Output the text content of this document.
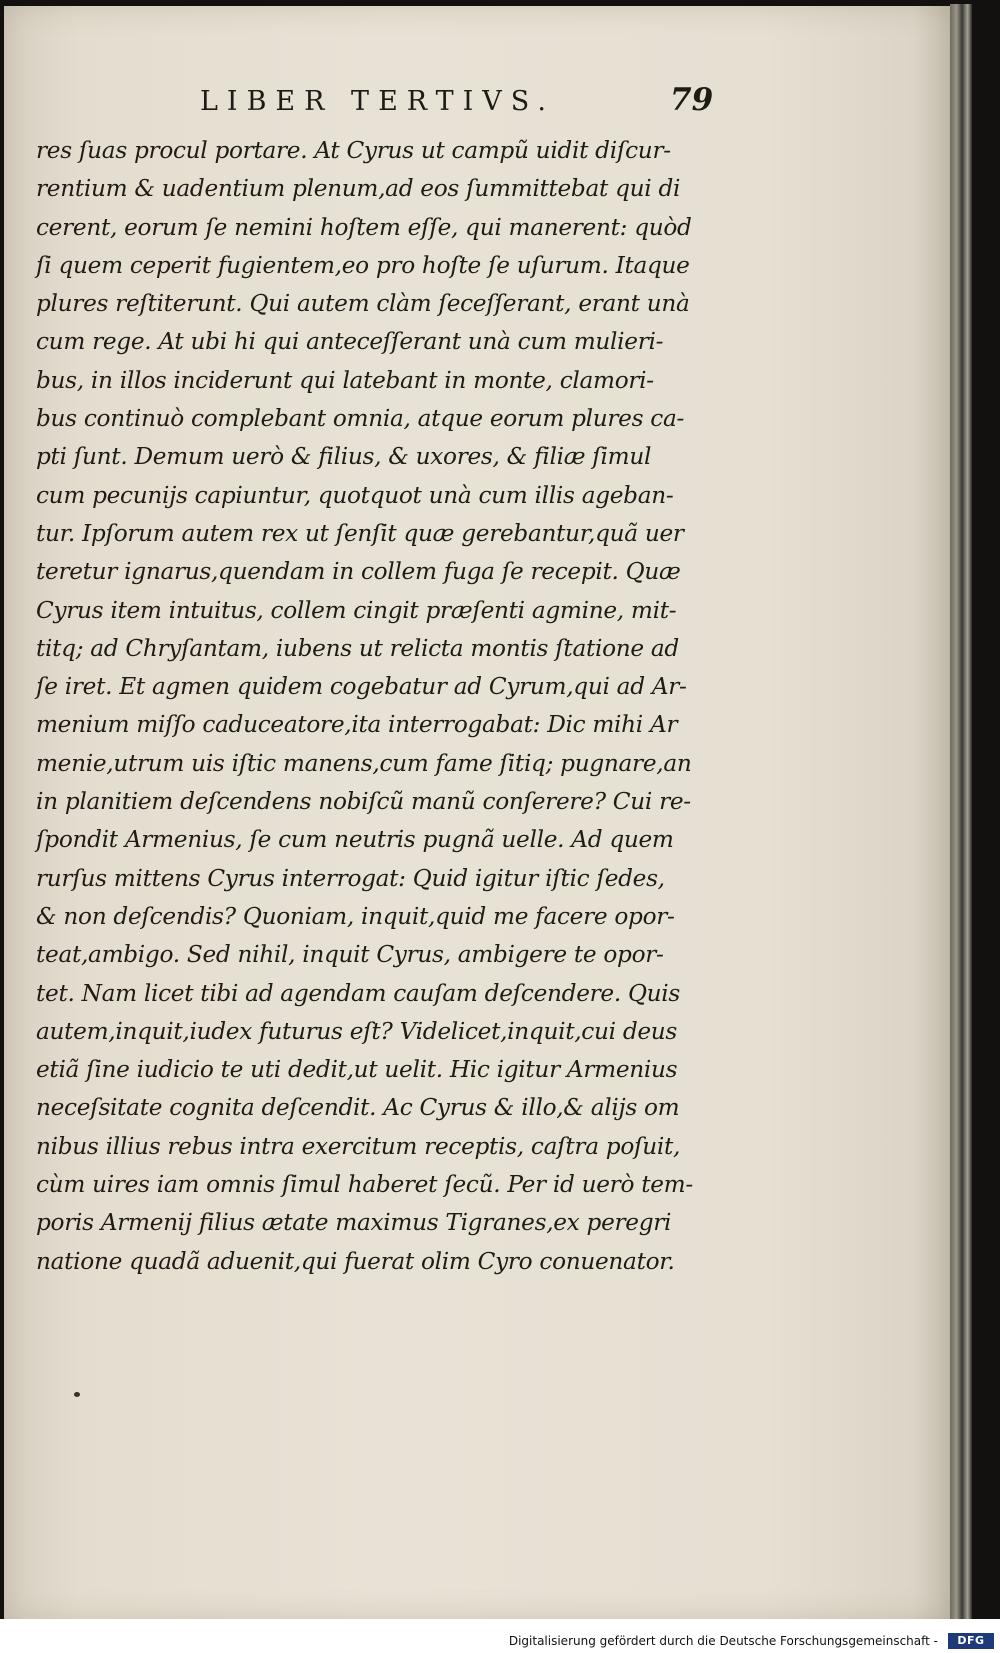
LIBER TERTIVS.	79
res ſuas procul portare. At Cyrus ut campũ uidit diſcur-
rentium & uadentium plenum,ad eos ſummittebat qui di
cerent, eorum ſe nemini hoſtem eſſe, qui manerent: quòd
ſi quem ceperit fugientem,eo pro hoſte ſe uſurum. Itaque
plures reſtiterunt. Qui autem clàm ſeceſſerant, erant unà
cum rege. At ubi hi qui anteceſſerant unà cum mulieri-
bus, in illos inciderunt qui latebant in monte, clamori-
bus continuò complebant omnia, atque eorum plures ca-
pti ſunt. Demum uerò & filius, & uxores, & filiæ ſimul
cum pecunijs capiuntur, quotquot unà cum illis ageban-
tur. Ipſorum autem rex ut ſenſit quæ gerebantur,quã uer
teretur ignarus,quendam in collem fuga ſe recepit. Quæ
Cyrus item intuitus, collem cingit præſenti agmine, mit-
titq; ad Chryſantam, iubens ut relicta montis ſtatione ad
ſe iret. Et agmen quidem cogebatur ad Cyrum,qui ad Ar-
menium miſſo caduceatore,ita interrogabat: Dic mihi Ar
menie,utrum uis iſtic manens,cum fame ſitiq; pugnare,an
in planitiem deſcendens nobiſcũ manũ conſerere? Cui re-
ſpondit Armenius, ſe cum neutris pugnã uelle. Ad quem
rurſus mittens Cyrus interrogat: Quid igitur iſtic ſedes,
& non deſcendis? Quoniam, inquit,quid me facere opor-
teat,ambigo. Sed nihil, inquit Cyrus, ambigere te opor-
tet. Nam licet tibi ad agendam cauſam deſcendere. Quis
autem,inquit,iudex futurus eſt? Videlicet,inquit,cui deus
etiã ſine iudicio te uti dedit,ut uelit. Hic igitur Armenius
neceſsitate cognita deſcendit. Ac Cyrus & illo,& alijs om
nibus illius rebus intra exercitum receptis, caſtra poſuit,
cùm uires iam omnis ſimul haberet ſecũ. Per id uerò tem-
poris Armenij filius ætate maximus Tigranes,ex peregri
natione quadã aduenit,qui fuerat olim Cyro conuenator.
Digitalisierung gefördert durch die Deutsche Forschungsgemeinschaft -	DFG
